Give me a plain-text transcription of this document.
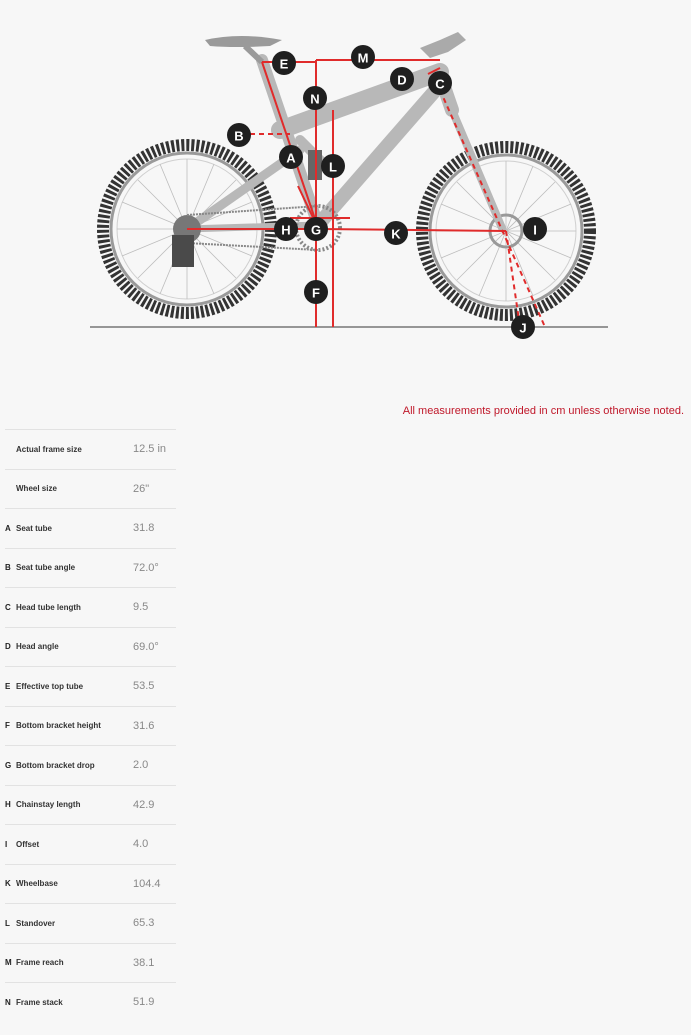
A
B
C
D
E
F
G
H	I
J
K
L
M
N
All measurements provided in cm unless otherwise noted.
Actual frame size	12.5 in
Wheel size	26"
A Seat tube	31.8
B Seat tube angle	72.0°
C Head tube length	9.5
D Head angle	69.0°
E Effective top tube	53.5
F Bottom bracket height	31.6
G Bottom bracket drop	2.0
H Chainstay length	42.9
I	Offset	4.0
K Wheelbase	104.4
L Standover	65.3
M Frame reach	38.1
N Frame stack	51.9
